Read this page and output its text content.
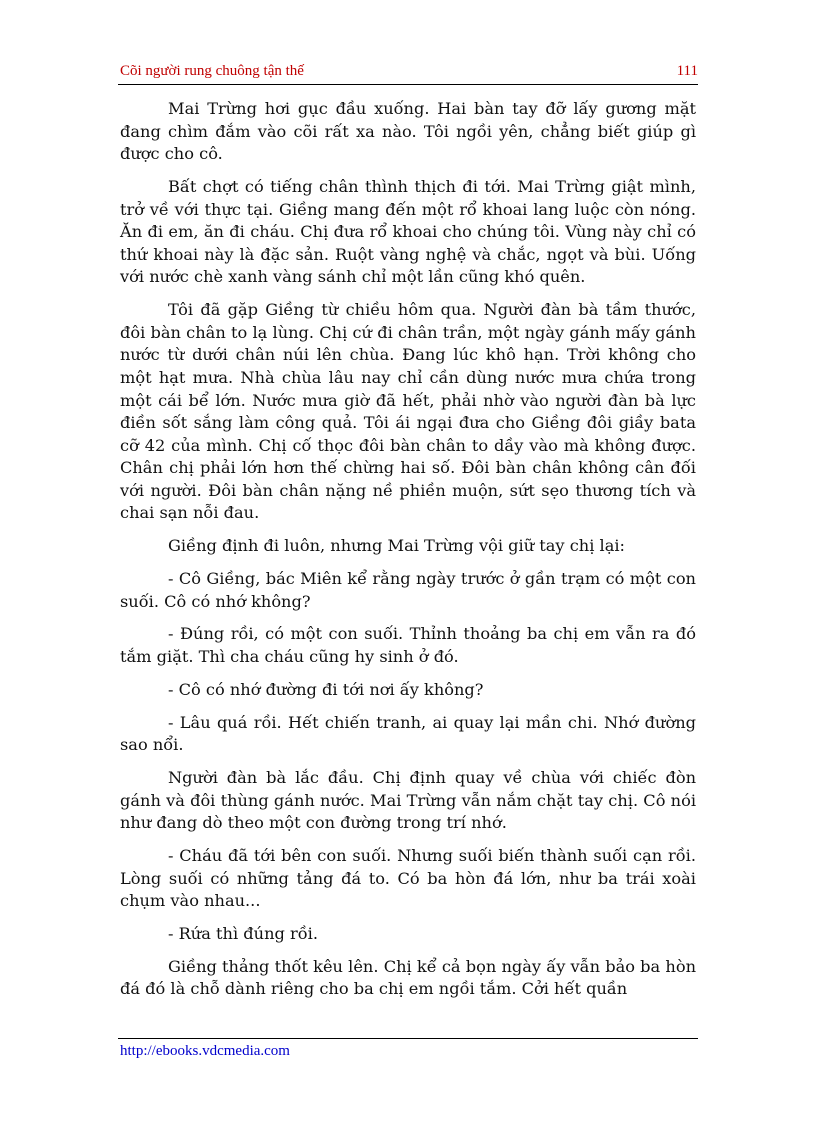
Cõi người rung chuông tận thế	111

Mai Trừng hơi gục đầu xuống. Hai bàn tay đỡ lấy gương mặt đang chìm đắm vào cõi rất xa nào. Tôi ngồi yên, chẳng biết giúp gì được cho cô.

Bất chợt có tiếng chân thình thịch đi tới. Mai Trừng giật mình, trở về với thực tại. Giềng mang đến một rổ khoai lang luộc còn nóng. Ăn đi em, ăn đi cháu. Chị đưa rổ khoai cho chúng tôi. Vùng này chỉ có thứ khoai này là đặc sản. Ruột vàng nghệ và chắc, ngọt và bùi. Uống với nước chè xanh vàng sánh chỉ một lần cũng khó quên.

Tôi đã gặp Giềng từ chiều hôm qua. Người đàn bà tầm thước, đôi bàn chân to lạ lùng. Chị cứ đi chân trần, một ngày gánh mấy gánh nước từ dưới chân núi lên chùa. Đang lúc khô hạn. Trời không cho một hạt mưa. Nhà chùa lâu nay chỉ cần dùng nước mưa chứa trong một cái bể lớn. Nước mưa giờ đã hết, phải nhờ vào người đàn bà lực điền sốt sắng làm công quả. Tôi ái ngại đưa cho Giềng đôi giầy bata cỡ 42 của mình. Chị cố thọc đôi bàn chân to dầy vào mà không được. Chân chị phải lớn hơn thế chừng hai số. Đôi bàn chân không cân đối với người. Đôi bàn chân nặng nề phiền muộn, sứt sẹo thương tích và chai sạn nỗi đau.

Giềng định đi luôn, nhưng Mai Trừng vội giữ tay chị lại:

- Cô Giềng, bác Miên kể rằng ngày trước ở gần trạm có một con suối. Cô có nhớ không?

- Đúng rồi, có một con suối. Thỉnh thoảng ba chị em vẫn ra đó tắm giặt. Thì cha cháu cũng hy sinh ở đó.

- Cô có nhớ đường đi tới nơi ấy không?

- Lâu quá rồi. Hết chiến tranh, ai quay lại mần chi. Nhớ đường sao nổi.

Người đàn bà lắc đầu. Chị định quay về chùa với chiếc đòn gánh và đôi thùng gánh nước. Mai Trừng vẫn nắm chặt tay chị. Cô nói như đang dò theo một con đường trong trí nhớ.

- Cháu đã tới bên con suối. Nhưng suối biến thành suối cạn rồi. Lòng suối có những tảng đá to. Có ba hòn đá lớn, như ba trái xoài chụm vào nhau...

- Rứa thì đúng rồi.

Giềng thảng thốt kêu lên. Chị kể cả bọn ngày ấy vẫn bảo ba hòn đá đó là chỗ dành riêng cho ba chị em ngồi tắm. Cởi hết quần

http://ebooks.vdcmedia.com
